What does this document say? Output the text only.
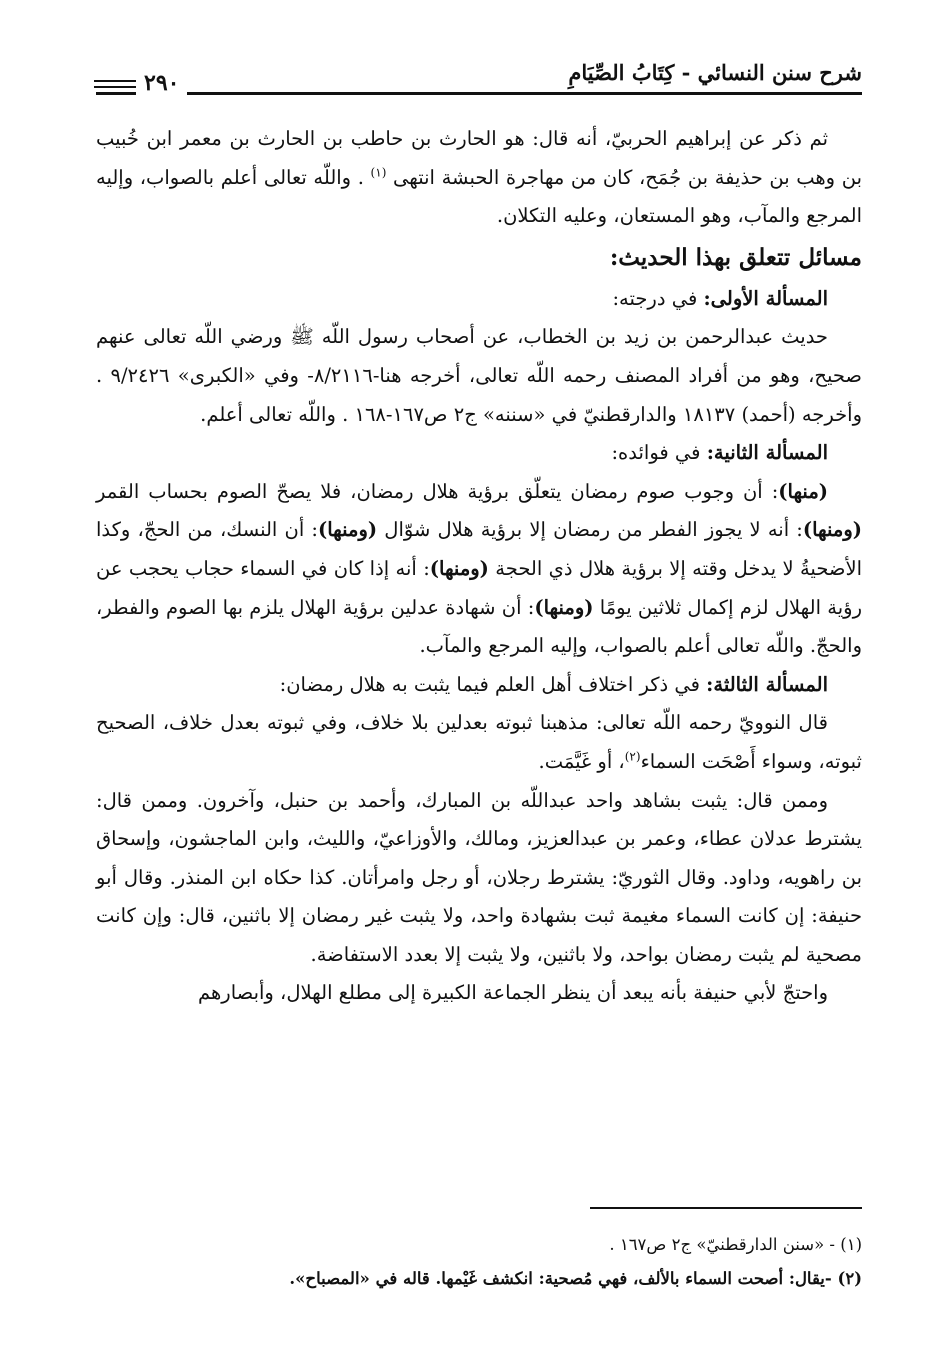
شرح سنن النسائي - كِتَابُ الصِّيَامِ
٢٩٠

ثم ذكر عن إبراهيم الحربيّ، أنه قال: هو الحارث بن حاطب بن الحارث بن معمر ابن خُبيب بن وهب بن حذيفة بن جُمَح، كان من مهاجرة الحبشة انتهى $^{(١)}$ . واللّه تعالى أعلم بالصواب، وإليه المرجع والمآب، وهو المستعان، وعليه التكلان.

مسائل تتعلق بهذا الحديث:

المسألة الأولى: في درجته:

حديث عبدالرحمن بن زيد بن الخطاب، عن أصحاب رسول اللّه ﷺ ورضي اللّه تعالى عنهم صحيح، وهو من أفراد المصنف رحمه اللّه تعالى، أخرجه هنا-٨/٢١١٦- وفي «الكبرى» ٩/٢٤٢٦ . وأخرجه (أحمد) ١٨١٣٧ والدارقطنيّ في «سننه» ج٢ ص١٦٧-١٦٨ . واللّه تعالى أعلم.

المسألة الثانية: في فوائده:

(منها): أن وجوب صوم رمضان يتعلّق برؤية هلال رمضان، فلا يصحّ الصوم بحساب القمر (ومنها): أنه لا يجوز الفطر من رمضان إلا برؤية هلال شوّال (ومنها): أن النسك، من الحجّ، وكذا الأضحيةُ لا يدخل وقته إلا برؤية هلال ذي الحجة (ومنها): أنه إذا كان في السماء حجاب يحجب عن رؤية الهلال لزم إكمال ثلاثين يومًا (ومنها): أن شهادة عدلين برؤية الهلال يلزم بها الصوم والفطر، والحجّ. واللّه تعالى أعلم بالصواب، وإليه المرجع والمآب.

المسألة الثالثة: في ذكر اختلاف أهل العلم فيما يثبت به هلال رمضان:

قال النوويّ رحمه اللّه تعالى: مذهبنا ثبوته بعدلين بلا خلاف، وفي ثبوته بعدل خلاف، الصحيح ثبوته، وسواء أَصْحَت السماء$^{(٢)}$، أو غَيَّمَت.

وممن قال: يثبت بشاهد واحد عبداللّه بن المبارك، وأحمد بن حنبل، وآخرون. وممن قال: يشترط عدلان عطاء، وعمر بن عبدالعزيز، ومالك، والأوزاعيّ، والليث، وابن الماجشون، وإسحاق بن راهويه، وداود. وقال الثوريّ: يشترط رجلان، أو رجل وامرأتان. كذا حكاه ابن المنذر. وقال أبو حنيفة: إن كانت السماء مغيمة ثبت بشهادة واحد، ولا يثبت غير رمضان إلا باثنين، قال: وإن كانت مصحية لم يثبت رمضان بواحد، ولا باثنين، ولا يثبت إلا بعدد الاستفاضة.

واحتجّ لأبي حنيفة بأنه يبعد أن ينظر الجماعة الكبيرة إلى مطلع الهلال، وأبصارهم

(١) - «سنن الدارقطنيّ» ج٢ ص١٦٧ .
(٢) -يقال: أصحت السماء بالألف، فهي مُصحية: انكشف غَيْمها. قاله في «المصباح».
